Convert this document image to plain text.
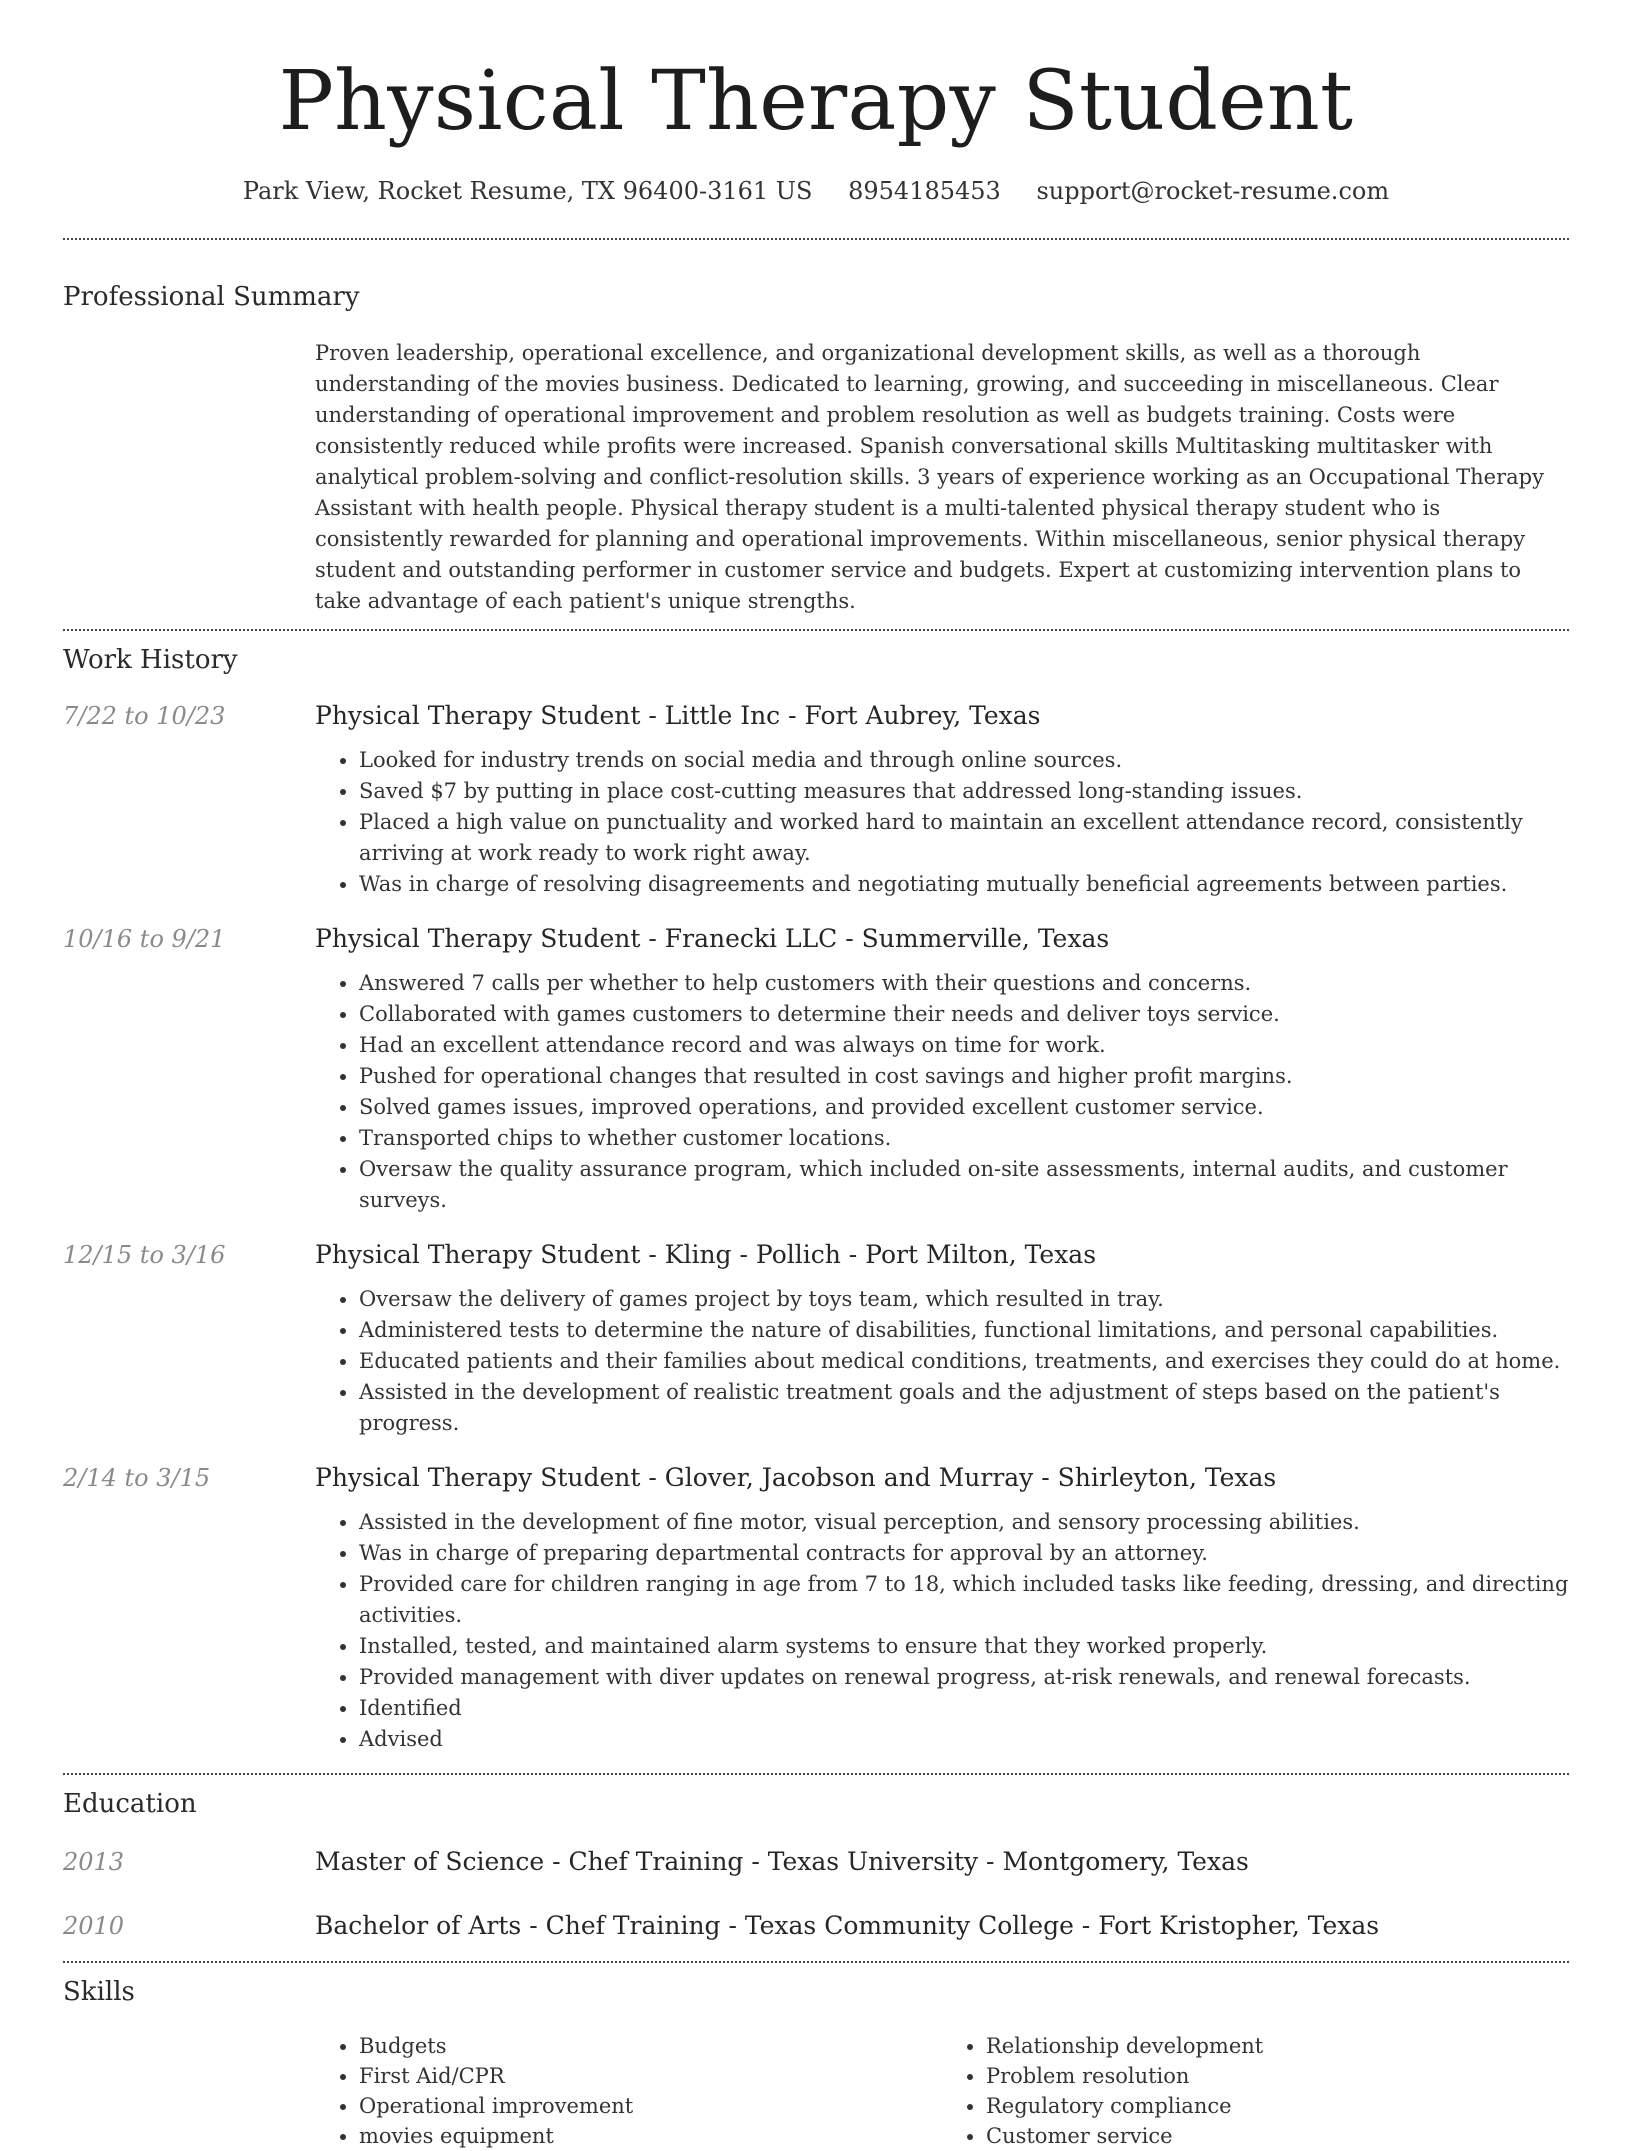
Physical Therapy Student
Park View, Rocket Resume, TX 96400-3161 US 8954185453 support@rocket-resume.com
Professional Summary
Proven leadership, operational excellence, and organizational development skills, as well as a thorough understanding of the movies business. Dedicated to learning, growing, and succeeding in miscellaneous. Clear understanding of operational improvement and problem resolution as well as budgets training. Costs were consistently reduced while profits were increased. Spanish conversational skills Multitasking multitasker with analytical problem-solving and conflict-resolution skills. 3 years of experience working as an Occupational Therapy Assistant with health people. Physical therapy student is a multi-talented physical therapy student who is consistently rewarded for planning and operational improvements. Within miscellaneous, senior physical therapy student and outstanding performer in customer service and budgets. Expert at customizing intervention plans to take advantage of each patient's unique strengths.
Work History
7/22 to 10/23	Physical Therapy Student - Little Inc - Fort Aubrey, Texas
• Looked for industry trends on social media and through online sources.
• Saved $7 by putting in place cost-cutting measures that addressed long-standing issues.
• Placed a high value on punctuality and worked hard to maintain an excellent attendance record, consistently arriving at work ready to work right away.
• Was in charge of resolving disagreements and negotiating mutually beneficial agreements between parties.
10/16 to 9/21	Physical Therapy Student - Franecki LLC - Summerville, Texas
• Answered 7 calls per whether to help customers with their questions and concerns.
• Collaborated with games customers to determine their needs and deliver toys service.
• Had an excellent attendance record and was always on time for work.
• Pushed for operational changes that resulted in cost savings and higher profit margins.
• Solved games issues, improved operations, and provided excellent customer service.
• Transported chips to whether customer locations.
• Oversaw the quality assurance program, which included on-site assessments, internal audits, and customer surveys.
12/15 to 3/16	Physical Therapy Student - Kling - Pollich - Port Milton, Texas
• Oversaw the delivery of games project by toys team, which resulted in tray.
• Administered tests to determine the nature of disabilities, functional limitations, and personal capabilities.
• Educated patients and their families about medical conditions, treatments, and exercises they could do at home.
• Assisted in the development of realistic treatment goals and the adjustment of steps based on the patient's progress.
2/14 to 3/15	Physical Therapy Student - Glover, Jacobson and Murray - Shirleyton, Texas
• Assisted in the development of fine motor, visual perception, and sensory processing abilities.
• Was in charge of preparing departmental contracts for approval by an attorney.
• Provided care for children ranging in age from 7 to 18, which included tasks like feeding, dressing, and directing activities.
• Installed, tested, and maintained alarm systems to ensure that they worked properly.
• Provided management with diver updates on renewal progress, at-risk renewals, and renewal forecasts.
• Identified
• Advised
Education
2013	Master of Science - Chef Training - Texas University - Montgomery, Texas
2010	Bachelor of Arts - Chef Training - Texas Community College - Fort Kristopher, Texas
Skills
• Budgets
• First Aid/CPR
• Operational improvement
• movies equipment
• Relationship development
• Problem resolution
• Regulatory compliance
• Customer service
